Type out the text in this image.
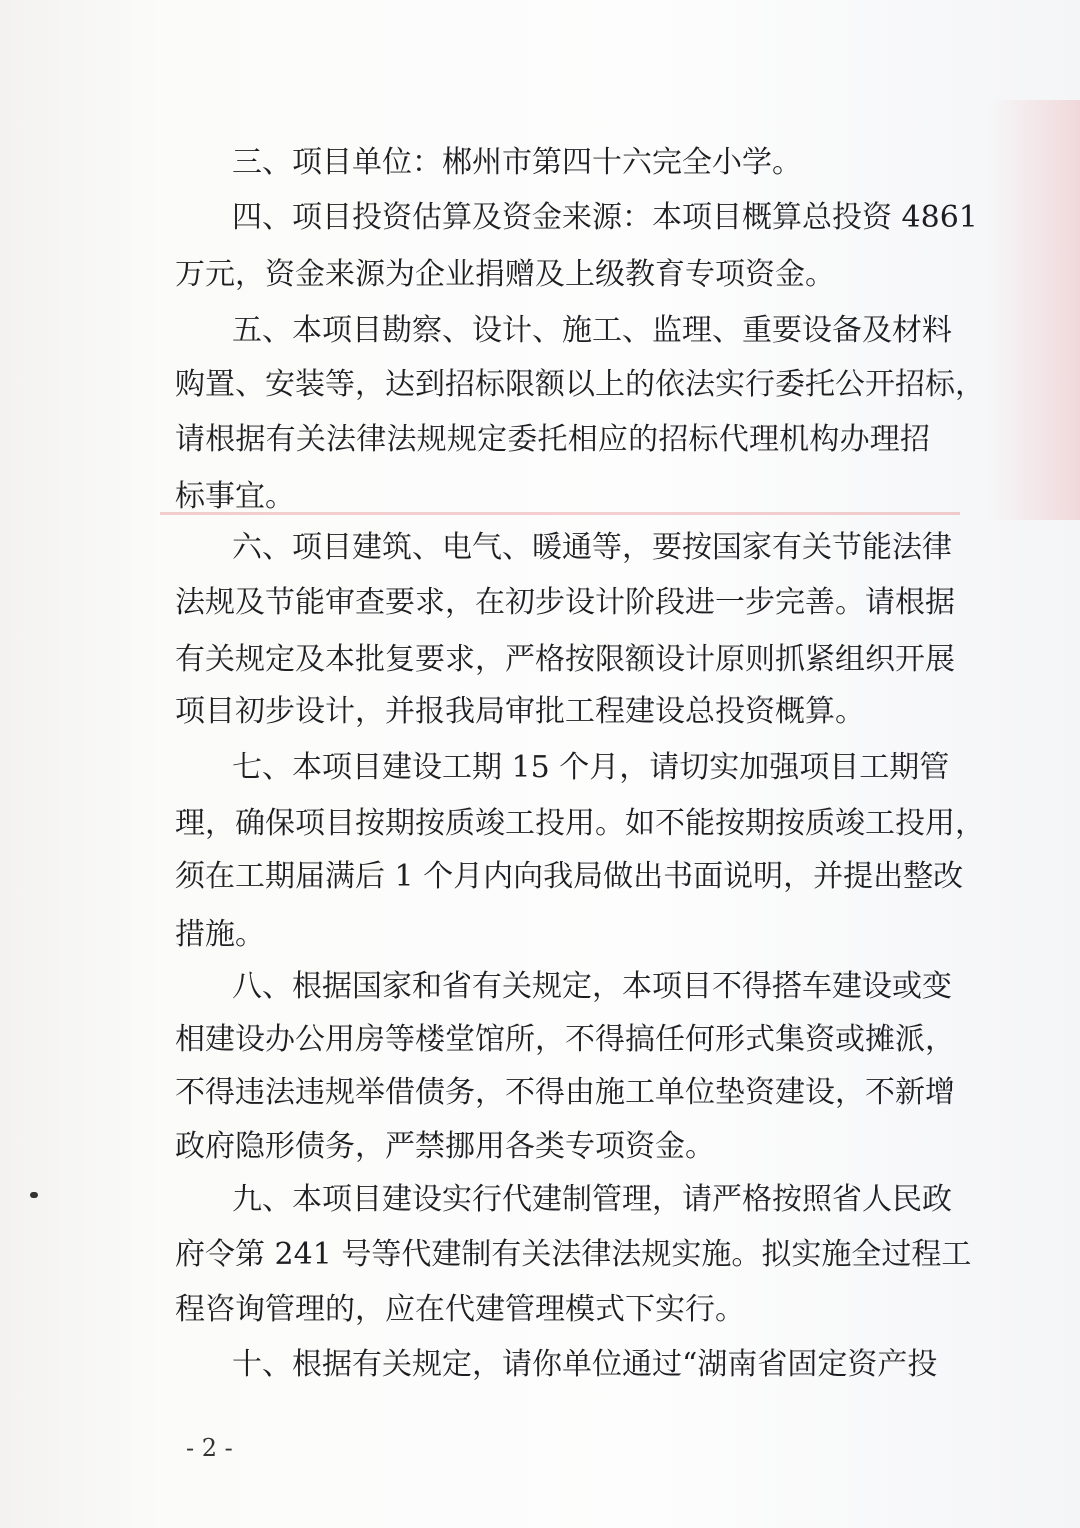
三、项目单位：郴州市第四十六完全小学。
四、项目投资估算及资金来源：本项目概算总投资 4861
万元，资金来源为企业捐赠及上级教育专项资金。
五、本项目勘察、设计、施工、监理、重要设备及材料
购置、安装等，达到招标限额以上的依法实行委托公开招标，
请根据有关法律法规规定委托相应的招标代理机构办理招
标事宜。
六、项目建筑、电气、暖通等，要按国家有关节能法律
法规及节能审查要求，在初步设计阶段进一步完善。请根据
有关规定及本批复要求，严格按限额设计原则抓紧组织开展
项目初步设计，并报我局审批工程建设总投资概算。
七、本项目建设工期 15 个月，请切实加强项目工期管
理，确保项目按期按质竣工投用。如不能按期按质竣工投用，
须在工期届满后 1 个月内向我局做出书面说明，并提出整改
措施。
八、根据国家和省有关规定，本项目不得搭车建设或变
相建设办公用房等楼堂馆所，不得搞任何形式集资或摊派，
不得违法违规举借债务，不得由施工单位垫资建设，不新增
政府隐形债务，严禁挪用各类专项资金。
九、本项目建设实行代建制管理，请严格按照省人民政
府令第 241 号等代建制有关法律法规实施。拟实施全过程工
程咨询管理的，应在代建管理模式下实行。
十、根据有关规定，请你单位通过“湖南省固定资产投
- 2 -
